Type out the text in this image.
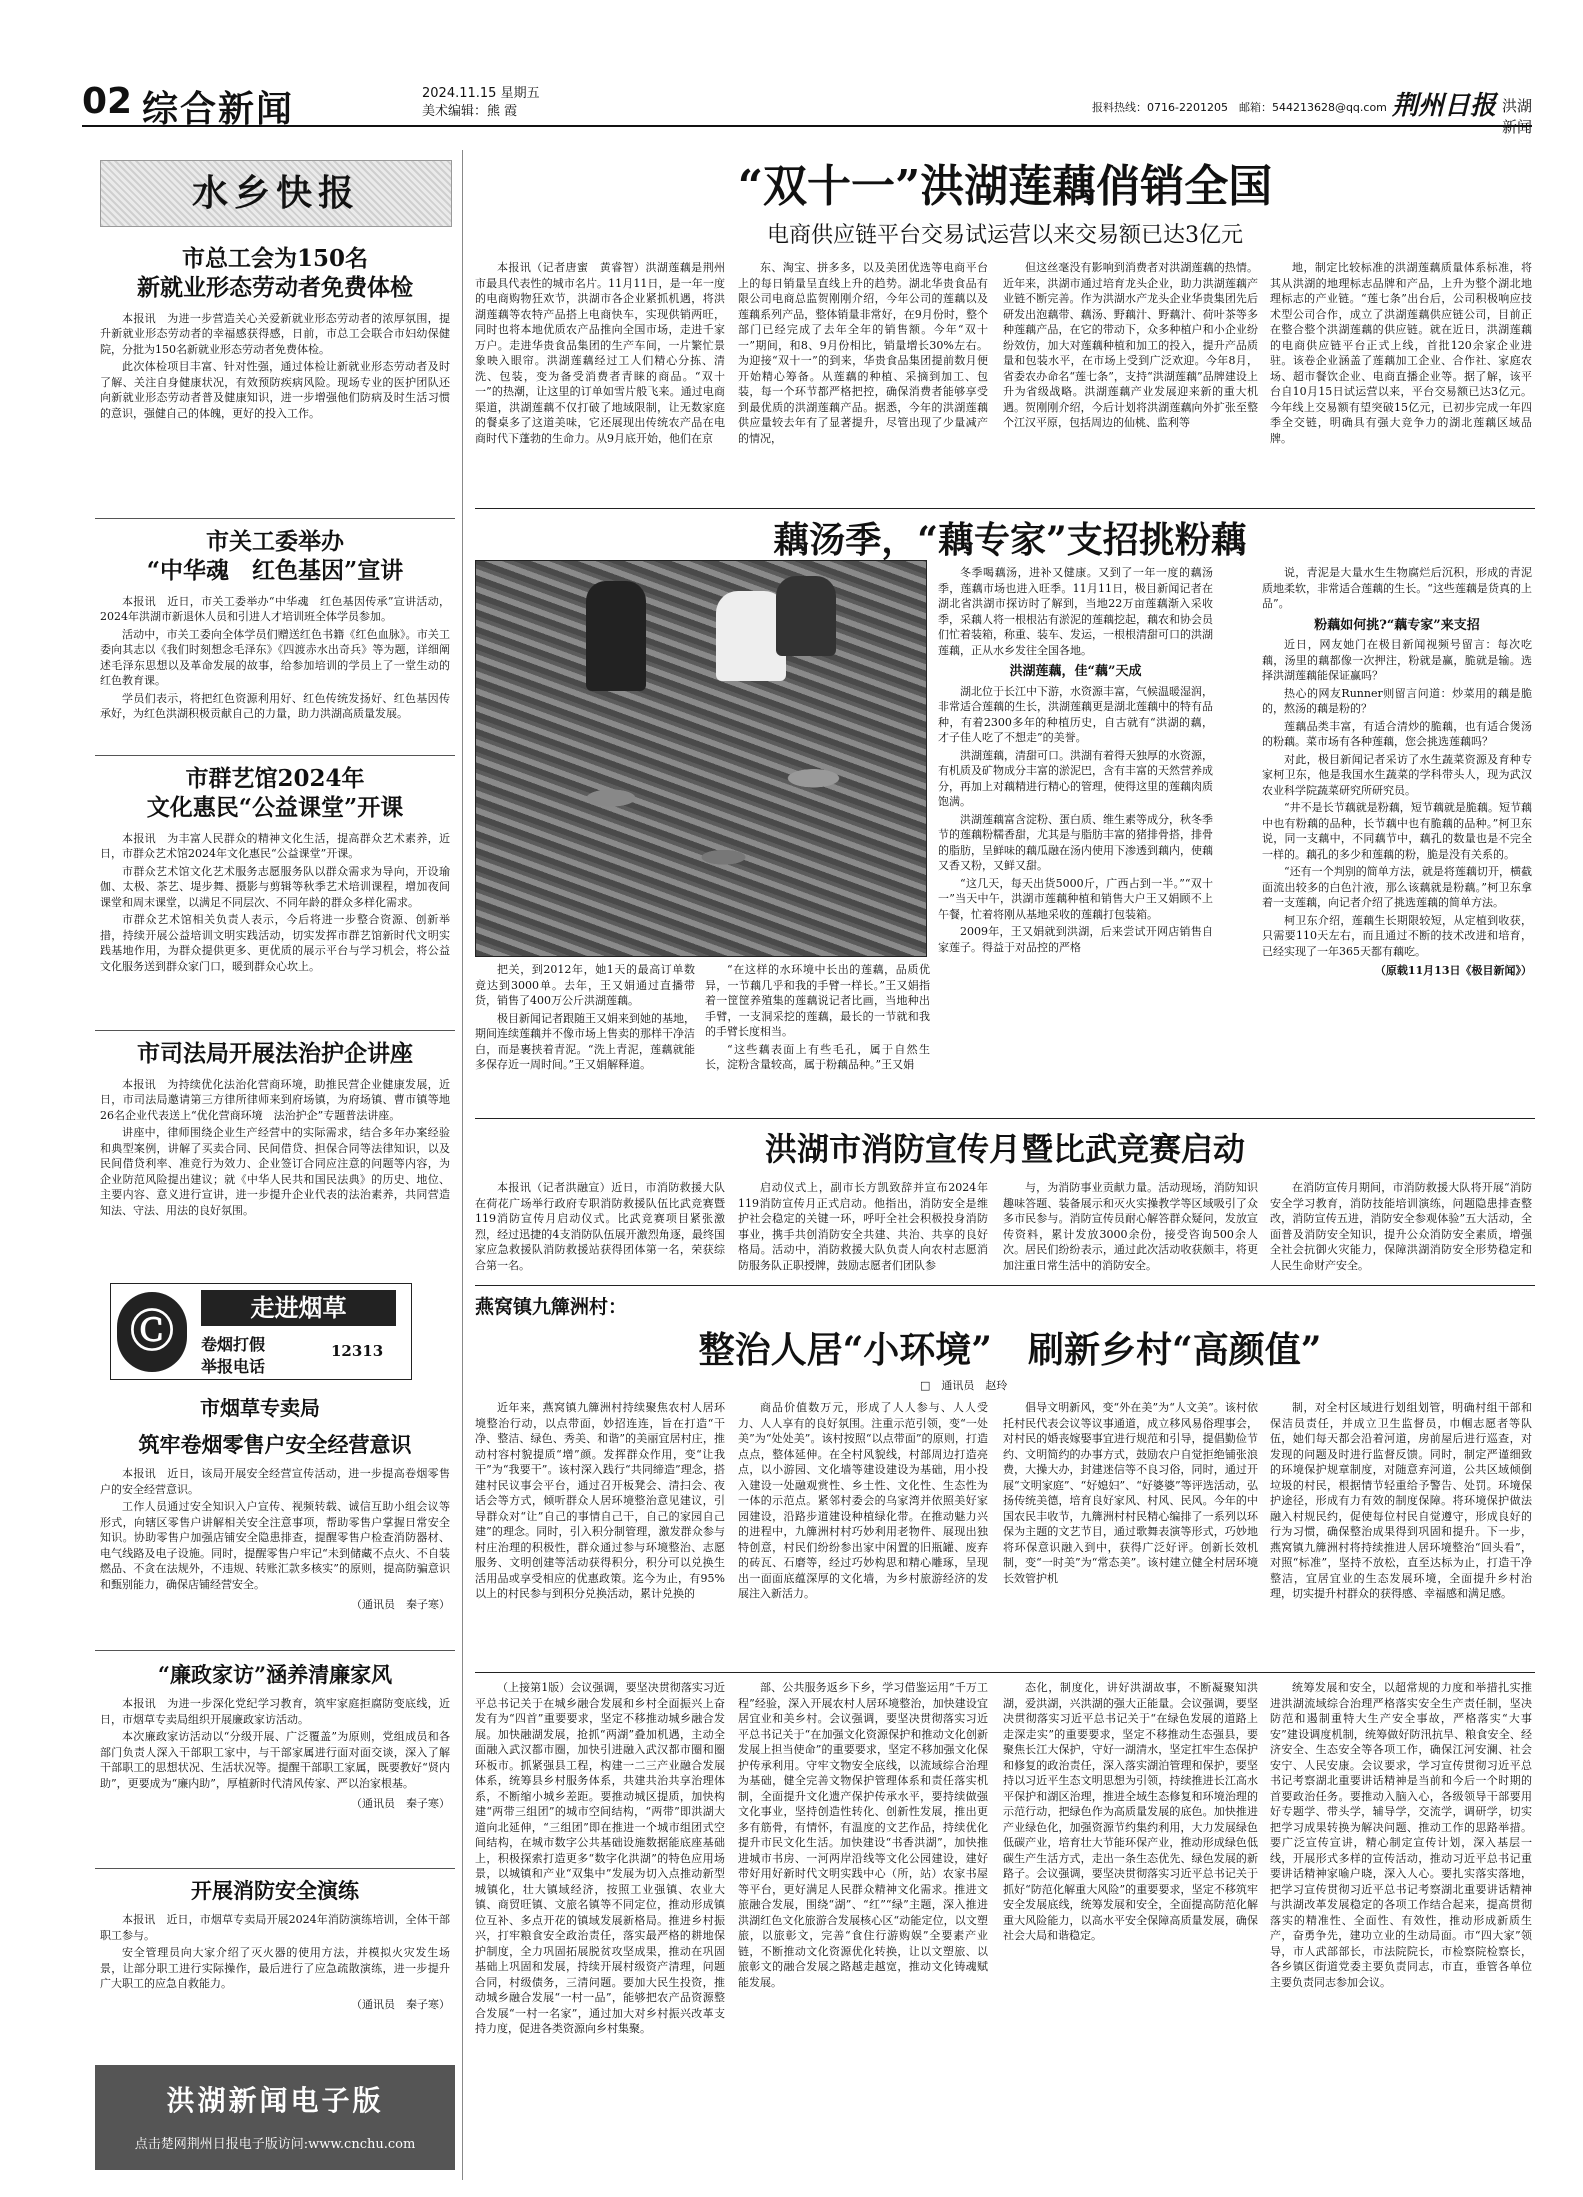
02 综合新闻	2024.11.15 星期五
美术编辑：熊 霞	报料热线：0716-2201205　邮箱：544213628@qq.com 荆州日报 洪湖新闻
水乡快报
市总工会为150名
新就业形态劳动者免费体检

本报讯　为进一步营造关心关爱新就业形态劳动者的浓厚氛围，提升新就业形态劳动者的幸福感获得感，日前，市总工会联合市妇幼保健院，分批为150名新就业形态劳动者免费体检。

此次体检项目丰富、针对性强，通过体检让新就业形态劳动者及时了解、关注自身健康状况，有效预防疾病风险。现场专业的医护团队还向新就业形态劳动者普及健康知识，进一步增强他们防病及时生活习惯的意识，强健自己的体魄，更好的投入工作。

市关工委举办
“中华魂　红色基因”宣讲

本报讯　近日，市关工委举办“中华魂　红色基因传承”宣讲活动，2024年洪湖市新退休人员和引进人才培训班全体学员参加。

活动中，市关工委向全体学员们赠送红色书籍《红色血脉》。市关工委向其志以《我们时刻想念毛泽东》《四渡赤水出奇兵》等为题，详细阐述毛泽东思想以及革命发展的故事，给参加培训的学员上了一堂生动的红色教育课。

学员们表示，将把红色资源利用好、红色传统发扬好、红色基因传承好，为红色洪湖积极贡献自己的力量，助力洪湖高质量发展。

市群艺馆2024年
文化惠民“公益课堂”开课

本报讯　为丰富人民群众的精神文化生活，提高群众艺术素养，近日，市群众艺术馆2024年文化惠民“公益课堂”开课。

市群众艺术馆文化艺术服务志愿服务队以群众需求为导向，开设瑜伽、太极、茶艺、堤步舞、摄影与剪辑等秋季艺术培训课程，增加夜间课堂和周末课堂，以满足不同层次、不同年龄的群众多样化需求。

市群众艺术馆相关负责人表示，今后将进一步整合资源、创新举措，持续开展公益培训文明实践活动，切实发挥市群艺馆新时代文明实践基地作用，为群众提供更多、更优质的展示平台与学习机会，将公益文化服务送到群众家门口，暖到群众心坎上。

市司法局开展法治护企讲座

本报讯　为持续优化法治化营商环境，助推民营企业健康发展，近日，市司法局邀请第三方律所律师来到府场镇，为府场镇、曹市镇等地26名企业代表送上“优化营商环境　法治护企”专题普法讲座。

讲座中，律师围绕企业生产经营中的实际需求，结合多年办案经验和典型案例，讲解了买卖合同、民间借贷、担保合同等法律知识，以及民间借贷利率、准竞行为效力、企业签订合同应注意的问题等内容，为企业防范风险提出建议；就《中华人民共和国民法典》的历史、地位、主要内容、意义进行宣讲，进一步提升企业代表的法治素养，共同营造知法、守法、用法的良好氛围。

Ⓒ	走进烟草
卷烟打假
举报电话
12313
市烟草专卖局
筑牢卷烟零售户安全经营意识

本报讯　近日，该局开展安全经营宣传活动，进一步提高卷烟零售户的安全经营意识。

工作人员通过安全知识入户宣传、视频转载、诚信互助小组会议等形式，向辖区零售户讲解相关安全注意事项，帮助零售户掌握日常安全知识。协助零售户加强店铺安全隐患排查，提醒零售户检查消防器材、电气线路及电子设施。同时，提醒零售户牢记“未到储藏不点火、不自装燃品、不贪在法规外，不违规、转账汇款多核实”的原则，提高防骗意识和甄别能力，确保店铺经营安全。

（通讯员　秦子寒）
“廉政家访”涵养清廉家风

本报讯　为进一步深化党纪学习教育，筑牢家庭拒腐防变底线，近日，市烟草专卖局组织开展廉政家访活动。

本次廉政家访活动以“分级开展、广泛覆盖”为原则，党组成员和各部门负责人深入干部职工家中，与干部家属进行面对面交谈，深入了解干部职工的思想状况、生活状况等。提醒干部职工家属，既要教好“贤内助”，更要成为“廉内助”，厚植新时代清风传家、严以治家根基。

（通讯员　秦子寒）
开展消防安全演练

本报讯　近日，市烟草专卖局开展2024年消防演练培训，全体干部职工参与。

安全管理员向大家介绍了灭火器的使用方法，并模拟火灾发生场景，让部分职工进行实际操作，最后进行了应急疏散演练，进一步提升广大职工的应急自救能力。

（通讯员　秦子寒）
洪湖新闻电子版
点击楚网荆州日报电子版访问:www.cnchu.com
“双十一”洪湖莲藕俏销全国
电商供应链平台交易试运营以来交易额已达3亿元

本报讯（记者唐蜜　黄睿智）洪湖莲藕是荆州市最具代表性的城市名片。11月11日，是一年一度的电商购物狂欢节，洪湖市各企业紧抓机遇，将洪湖莲藕等农特产品搭上电商快车，实现供销两旺，同时也将本地优质农产品推向全国市场，走进千家万户。走进华贵食品集团的生产车间，一片繁忙景象映入眼帘。洪湖莲藕经过工人们精心分拣、清洗、包装，变为备受消费者青睐的商品。“双十一”的热潮，让这里的订单如雪片般飞来。通过电商渠道，洪湖莲藕不仅打破了地域限制，让无数家庭的餐桌多了这道美味，它还展现出传统农产品在电商时代下蓬勃的生命力。从9月底开始，他们在京

东、淘宝、拼多多，以及美团优选等电商平台上的每日销量呈直线上升的趋势。湖北华贵食品有限公司电商总监贺刚刚介绍，今年公司的莲藕以及莲藕系列产品，整体销量非常好，在9月份时，整个部门已经完成了去年全年的销售额。今年“双十一”期间，和8、9月份相比，销量增长30%左右。为迎接“双十一”的到来，华贵食品集团提前数月便开始精心筹备。从莲藕的种植、采摘到加工、包装，每一个环节都严格把控，确保消费者能够享受到最优质的洪湖莲藕产品。据悉，今年的洪湖莲藕供应量较去年有了显著提升，尽管出现了少量减产的情况，

但这丝毫没有影响到消费者对洪湖莲藕的热情。近年来，洪湖市通过培育龙头企业，助力洪湖莲藕产业链不断完善。作为洪湖水产龙头企业华贵集团先后研发出泡藕带、藕汤、野藕汁、野藕汁、荷叶茶等多种莲藕产品，在它的带动下，众多种植户和小企业纷纷效仿，加大对莲藕种植和加工的投入，提升产品质量和包装水平，在市场上受到广泛欢迎。今年8月，省委农办命名“莲七条”，支持“洪湖莲藕”品牌建设上升为省级战略。洪湖莲藕产业发展迎来新的重大机遇。贺刚刚介绍，今后计划将洪湖莲藕向外扩张至整个江汉平原，包括周边的仙桃、监利等

地，制定比较标准的洪湖莲藕质量体系标准，将其从洪湖的地理标志品牌和产品，上升为整个湖北地理标志的产业链。“莲七条”出台后，公司积极响应技术型公司合作，成立了洪湖莲藕供应链公司，目前正在整合整个洪湖莲藕的供应链。就在近日，洪湖莲藕的电商供应链平台正式上线，首批120余家企业进驻。该卷企业涵盖了莲藕加工企业、合作社、家庭农场、超市餐饮企业、电商直播企业等。据了解，该平台自10月15日试运营以来，平台交易额已达3亿元。今年线上交易额有望突破15亿元，已初步完成一年四季全交链，明确具有强大竞争力的湖北莲藕区域品牌。

藕汤季，“藕专家”支招挑粉藕

冬季喝藕汤，进补又健康。又到了一年一度的藕汤季，莲藕市场也进入旺季。11月11日，极目新闻记者在湖北省洪湖市探访时了解到，当地22万亩莲藕渐入采收季，采藕人将一根根沾有淤泥的莲藕挖起，藕农和协会员们忙着装箱，称重、装车、发运，一根根清甜可口的洪湖莲藕，正从水乡发往全国各地。

洪湖莲藕，佳“藕”天成

湖北位于长江中下游，水资源丰富，气候温暖湿润，非常适合莲藕的生长，洪湖莲藕更是湖北莲藕中的特有品种，有着2300多年的种植历史，自古就有“洪湖的藕，才子佳人吃了不想走”的美誉。

洪湖莲藕，清甜可口。洪湖有着得天独厚的水资源，有机质及矿物成分丰富的淤泥巴，含有丰富的天然营养成分，再加上对藕精进行精心的管理，使得这里的莲藕肉质饱满。

洪湖莲藕富含淀粉、蛋白质、维生素等成分，秋冬季节的莲藕粉糯香甜，尤其是与脂肪丰富的猪排骨搭，排骨的脂肪，呈鲜味的藕瓜融在汤内使用下渗透到藕内，使藕又香又粉，又鲜又甜。

“这几天，每天出货5000斤，广西占到一半。”“双十一”当天中午，洪湖市莲藕种植和销售大户王又娟顾不上午餐，忙着将刚从基地采收的莲藕打包装箱。

2009年，王又娟就到洪湖，后来尝试开网店销售自家莲子。得益于对品控的严格

把关，到2012年，她1天的最高订单数竟达到3000单。去年，王又娟通过直播带货，销售了400万公斤洪湖莲藕。

极目新闻记者跟随王又娟来到她的基地，期间连续莲藕并不像市场上售卖的那样干净洁白，而是裹挟着青泥。“洗上青泥，莲藕就能多保存近一周时间。”王又娟解释道。

“在这样的水环境中长出的莲藕，品质优异，一节藕几乎和我的手臂一样长。”王又娟指着一筐筐养殖集的莲藕说记者比画，当地种出手臂，一支洞采挖的莲藕，最长的一节就和我的手臂长度相当。

“这些藕表面上有些毛孔，属于自然生长，淀粉含量较高，属于粉藕品种。”王又娟

说，青泥是大量水生生物腐烂后沉积，形成的青泥质地柔软，非常适合莲藕的生长。“这些莲藕是货真的上品”。

粉藕如何挑?“藕专家”来支招

近日，网友她门在极目新闻视频号留言：每次吃藕，汤里的藕都像一次押注，粉就是赢，脆就是输。选择洪湖莲藕能保证赢吗？

热心的网友Runner则留言问道：炒菜用的藕是脆的，熬汤的藕是粉的？

莲藕品类丰富，有适合清炒的脆藕，也有适合煲汤的粉藕。菜市场有各种莲藕，您会挑选莲藕吗？

对此，极目新闻记者采访了水生蔬菜资源及育种专家柯卫东，他是我国水生蔬菜的学科带头人，现为武汉农业科学院蔬菜研究所研究员。

“井不是长节藕就是粉藕，短节藕就是脆藕。短节藕中也有粉藕的品种，长节藕中也有脆藕的品种。”柯卫东说，同一支藕中，不同藕节中，藕孔的数量也是不完全一样的。藕孔的多少和莲藕的粉，脆是没有关系的。

“还有一个判别的简单方法，就是将莲藕切开，横截面流出较多的白色汁液，那么该藕就是粉藕。”柯卫东拿着一支莲藕，向记者介绍了挑选莲藕的简单方法。

柯卫东介绍，莲藕生长期限较短，从定植到收获，只需要110天左右，而且通过不断的技术改进和培育，已经实现了一年365天都有藕吃。

（原载11月13日《极目新闻》）
洪湖市消防宣传月暨比武竞赛启动

本报讯（记者洪融宣）近日，市消防救援大队在荷花广场举行政府专职消防救援队伍比武竞赛暨119消防宣传月启动仪式。比武竞赛项目紧张激烈，经过迅捷的4支消防队伍展开激烈角逐，最终国家应急救援队消防救援站获得团体第一名，荣获综合第一名。

启动仪式上，副市长方凯致辞并宣布2024年119消防宣传月正式启动。他指出，消防安全是维护社会稳定的关键一环，呼吁全社会积极投身消防事业，携手共创消防安全共建、共治、共享的良好格局。活动中，消防救援大队负责人向农村志愿消防服务队正职授牌，鼓励志愿者们团队参

与，为消防事业贡献力量。活动现场，消防知识趣味答题、装备展示和灭火实操教学等区域吸引了众多市民参与。消防宣传员耐心解答群众疑问，发放宣传资料，累计发放3000余份，接受咨询500余人次。居民们纷纷表示，通过此次活动收获颇丰，将更加注重日常生活中的消防安全。

在消防宣传月期间，市消防救援大队将开展“消防安全学习教育，消防技能培训演练，问题隐患排查整改，消防宣传五进，消防安全参观体验”五大活动，全面普及消防安全知识，提升公众消防安全素质，增强全社会抗御火灾能力，保障洪湖消防安全形势稳定和人民生命财产安全。

燕窝镇九簰洲村：
整治人居“小环境”　刷新乡村“高颜值”
□　通讯员　赵玲

近年来，燕窝镇九簰洲村持续聚焦农村人居环境整治行动，以点带面，妙招连连，旨在打造“干净、整洁、绿色、秀美、和谐”的美丽宜居村庄，推动村容村貌提质“增”颜。发挥群众作用，变“让我干”为“我要干”。该村深入践行“共同缔造”理念，搭建村民议事会平台，通过召开板凳会、清扫会、夜话会等方式，倾听群众人居环境整治意见建议，引导群众对“让”自己的事情自己干，自己的家园自己建”的理念。同时，引入积分制管理，激发群众参与村庄治理的积极性，群众通过参与环境整治、志愿服务、文明创建等活动获得积分，积分可以兑换生活用品或享受相应的优惠政策。迄今为止，有95%以上的村民参与到积分兑换活动，累计兑换的

商品价值数万元，形成了人人参与、人人受力、人人享有的良好氛围。注重示范引领，变“一处美”为“处处美”。该村按照“以点带面”的原则，打造点点，整体延伸。在全村风貌线，村部周边打造亮点，以小游园、文化墙等建设建设为基础，用小投入建设一处融观赏性、乡土性、文化性、生态性为一体的示范点。紧邻村委会的乌家湾并依照美好家园建设，沿路步道建设种植绿化带。在推动魅力兴的进程中，九簰洲村村巧妙利用老物件、展现出独特创意，村民们纷纷参出家中闲置的旧瓶罐、废弃的砖瓦、石磨等，经过巧妙构思和精心雕琢，呈现出一面面底蕴深厚的文化墙，为乡村旅游经济的发展注入新活力。

倡导文明新风，变“外在美”为“人文美”。该村依托村民代表会议等议事通道，成立移风易俗理事会，对村民的婚丧嫁娶事宜进行规范和引导，提倡勤俭节约、文明简约的办事方式，鼓励农户自觉拒绝铺张浪费，大操大办，封建迷信等不良习俗，同时，通过开展“文明家庭”、“好媳妇”、“好婆婆”等评选活动，弘扬传统美德，培育良好家风、村风、民风。今年的中国农民丰收节，九簰洲村村民精心编排了一系列以环保为主题的文艺节目，通过歌舞表演等形式，巧妙地将环保意识融入到中，获得广泛好评。创新长效机制，变“一时美”为“常态美”。该村建立健全村居环境长效管护机

制，对全村区域进行划组划管，明确村组干部和保洁员责任，并成立卫生监督员，巾帼志愿者等队伍，她们每天都会沿着河道，房前屋后进行巡查，对发现的问题及时进行监督反馈。同时，制定严谨细致的环境保护规章制度，对随意弃河道，公共区域倾倒垃圾的村民，根据情节轻重给予警告、处罚。环境保护途径，形成有力有效的制度保障。将环境保护做法融入村规民约，促使每位村民自觉遵守，形成良好的行为习惯，确保整治成果得到巩固和提升。下一步，燕窝镇九簰洲村将持续推进人居环境整治“回头看”，对照“标准”，坚持不放松，直至达标为止，打造干净整洁，宜居宜业的生态发展环境，全面提升乡村治理，切实提升村群众的获得感、幸福感和满足感。

（上接第1版）会议强调，要坚决贯彻落实习近平总书记关于在城乡融合发展和乡村全面振兴上奋发有为“四首”重要要求，坚定不移推动城乡融合发展。加快融湖发展，抢抓“两湖”叠加机遇，主动全面融入武汉都市圈，加快引进融入武汉都市圈和圈环板市。抓紧强县工程，构建一二三产业融合发展体系，统筹县乡村服务体系，共建共治共享治理体系，不断缩小城乡差距。要推动城区提质，加快构建“两带三组团”的城市空间结构，“两带”即洪湖大道向北延伸，“三组团”即在推进一个城市组团式空间结构，在城市数字公共基础设施数据能底座基础上，积极探索打造更多“数字化洪湖”的特色应用场景，以城镇和产业“双集中”发展为切入点推动新型城镇化，壮大镇域经济，按照工业强镇、农业大镇、商贸旺镇、文旅名镇等不同定位，推动形成镇位互补、多点开花的镇域发展新格局。推进乡村振兴，打牢粮食安全政治责任，落实最严格的耕地保护制度，全力巩固拓展脱贫攻坚成果，推动在巩固基础上巩固和发展，持续开展村级资产清理，问题合同，村级债务，三清问题。要加大民生投资，推动城乡融合发展“一村一品”，能够把农产品资源整合发展“一村一名家”，通过加大对乡村振兴改革支持力度，促进各类资源向乡村集聚。

部、公共服务返乡下乡，学习借鉴运用“千万工程”经验，深入开展农村人居环境整治，加快建设宜居宜业和美乡村。会议强调，要坚决贯彻落实习近平总书记关于“在加强文化资源保护和推动文化创新发展上担当使命”的重要要求，坚定不移加强文化保护传承利用。守牢文物安全底线，以流域综合治理为基础，健全完善文物保护管理体系和责任落实机制，全面提升文化遗产保护传承水平，要持续做强文化事业，坚持创造性转化、创新性发展，推出更多有筋骨，有情怀，有温度的文艺作品，持续优化提升市民文化生活。加快建设“书香洪湖”，加快推进城市书房、一河两岸沿线等文化公园建设，建好带好用好新时代文明实践中心（所，站）农家书屋等平台，更好满足人民群众精神文化需求。推进文旅融合发展，围绕“湖”、“红”“绿”主题，深入推进洪湖红色文化旅游合发展核心区“动能定位，以文塑旅，以旅彰文，完善“食住行游购娱”全要素产业链，不断推动文化资源优化转换，让以文塑旅、以旅彰文的融合发展之路越走越宽，推动文化铸魂赋能发展。

态化，制度化，讲好洪湖故事，不断凝聚知洪湖，爱洪湖，兴洪湖的强大正能量。会议强调，要坚决贯彻落实习近平总书记关于“在绿色发展的道路上走深走实”的重要要求，坚定不移推动生态强县，要聚焦长江大保护，守好一湖清水，坚定扛牢生态保护和修复的政治责任，深入落实湖泊管理和保护，要坚持以习近平生态文明思想为引领，持续推进长江高水平保护和湖区治理，推进全域生态修复和环境治理的示范行动，把绿色作为高质量发展的底色。加快推进产业绿色化，加强资源节约集约利用，大力发展绿色低碳产业，培育壮大节能环保产业，推动形成绿色低碳生产生活方式，走出一条生态优先、绿色发展的新路子。会议强调，要坚决贯彻落实习近平总书记关于抓好“防范化解重大风险”的重要要求，坚定不移筑牢安全发展底线，统筹发展和安全，全面提高防范化解重大风险能力，以高水平安全保障高质量发展，确保社会大局和谐稳定。

统筹发展和安全，以超常规的力度和举措扎实推进洪湖流域综合治理严格落实安全生产责任制，坚决防范和遏制重特大生产安全事故，严格落实“大事安”建设调度机制，统筹做好防汛抗旱、粮食安全、经济安全、生态安全等各项工作，确保江河安澜、社会安宁、人民安康。会议要求，学习宣传贯彻习近平总书记考察湖北重要讲话精神是当前和今后一个时期的首要政治任务。要推动入脑入心，各级领导干部要用好专题学、带头学，辅导学，交流学，调研学，切实把学习成果转换为解决问题、推动工作的思路举措。要广泛宣传宣讲，精心制定宣传计划，深入基层一线，开展形式多样的宣传活动，推动习近平总书记重要讲话精神家喻户晓，深入人心。要扎实落实落地，把学习宣传贯彻习近平总书记考察湖北重要讲话精神与洪湖改革发展稳定的各项工作结合起来，提高贯彻落实的精准性、全面性、有效性，推动形成新质生产，奋勇争先，建功立业的生动局面。市“四大家”领导，市人武部部长，市法院院长，市检察院检察长，各乡镇区街道党委主要负责同志，市直，垂管各单位主要负责同志参加会议。
